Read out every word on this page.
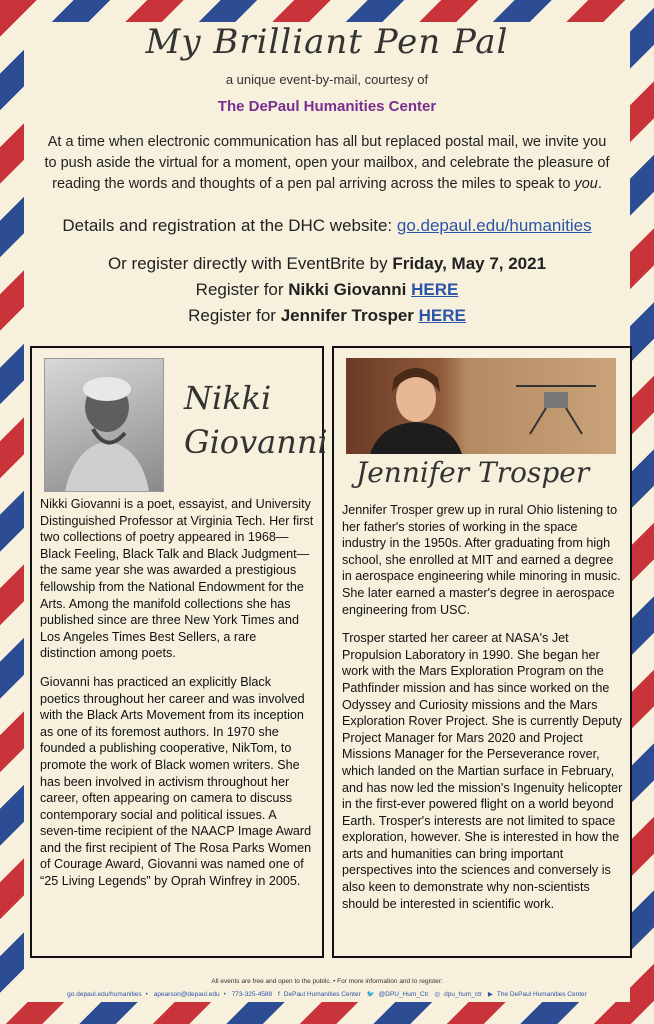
My Brilliant Pen Pal
a unique event-by-mail, courtesy of
The DePaul Humanities Center
At a time when electronic communication has all but replaced postal mail, we invite you to push aside the virtual for a moment, open your mailbox, and celebrate the pleasure of reading the words and thoughts of a pen pal arriving across the miles to speak to you.
Details and registration at the DHC website: go.depaul.edu/humanities
Or register directly with EventBrite by Friday, May 7, 2021
Register for Nikki Giovanni HERE
Register for Jennifer Trosper HERE
Nikki
Giovanni

Nikki Giovanni is a poet, essayist, and University Distinguished Professor at Virginia Tech. Her first two collections of poetry appeared in 1968— Black Feeling, Black Talk and Black Judgment—the same year she was awarded a prestigious fellowship from the National Endowment for the Arts. Among the manifold collections she has published since are three New York Times and Los Angeles Times Best Sellers, a rare distinction among poets.

Giovanni has practiced an explicitly Black poetics throughout her career and was involved with the Black Arts Movement from its inception as one of its foremost authors. In 1970 she founded a publishing cooperative, NikTom, to promote the work of Black women writers. She has been involved in activism throughout her career, often appearing on camera to discuss contemporary social and political issues. A seven-time recipient of the NAACP Image Award and the first recipient of The Rosa Parks Women of Courage Award, Giovanni was named one of “25 Living Legends” by Oprah Winfrey in 2005.

Jennifer Trosper

Jennifer Trosper grew up in rural Ohio listening to her father's stories of working in the space industry in the 1950s. After graduating from high school, she enrolled at MIT and earned a degree in aerospace engineering while minoring in music. She later earned a master's degree in aerospace engineering from USC.

Trosper started her career at NASA's Jet Propulsion Laboratory in 1990. She began her work with the Mars Exploration Program on the Pathfinder mission and has since worked on the Odyssey and Curiosity missions and the Mars Exploration Rover Project. She is currently Deputy Project Manager for Mars 2020 and Project Missions Manager for the Perseverance rover, which landed on the Martian surface in February, and has now led the mission's Ingenuity helicopter in the first-ever powered flight on a world beyond Earth. Trosper's interests are not limited to space exploration, however. She is interested in how the arts and humanities can bring important perspectives into the sciences and conversely is also keen to demonstrate why non-scientists should be interested in scientific work.

All events are free and open to the public. • For more information and to register:
go.depaul.edu/humanities • apearson@depaul.edu • 773-325-4588 f DePaul Humanities Center 🐦 @DPU_Hum_Ctr ◎ dpu_hum_ctr ▶ The DePaul Humanities Center
